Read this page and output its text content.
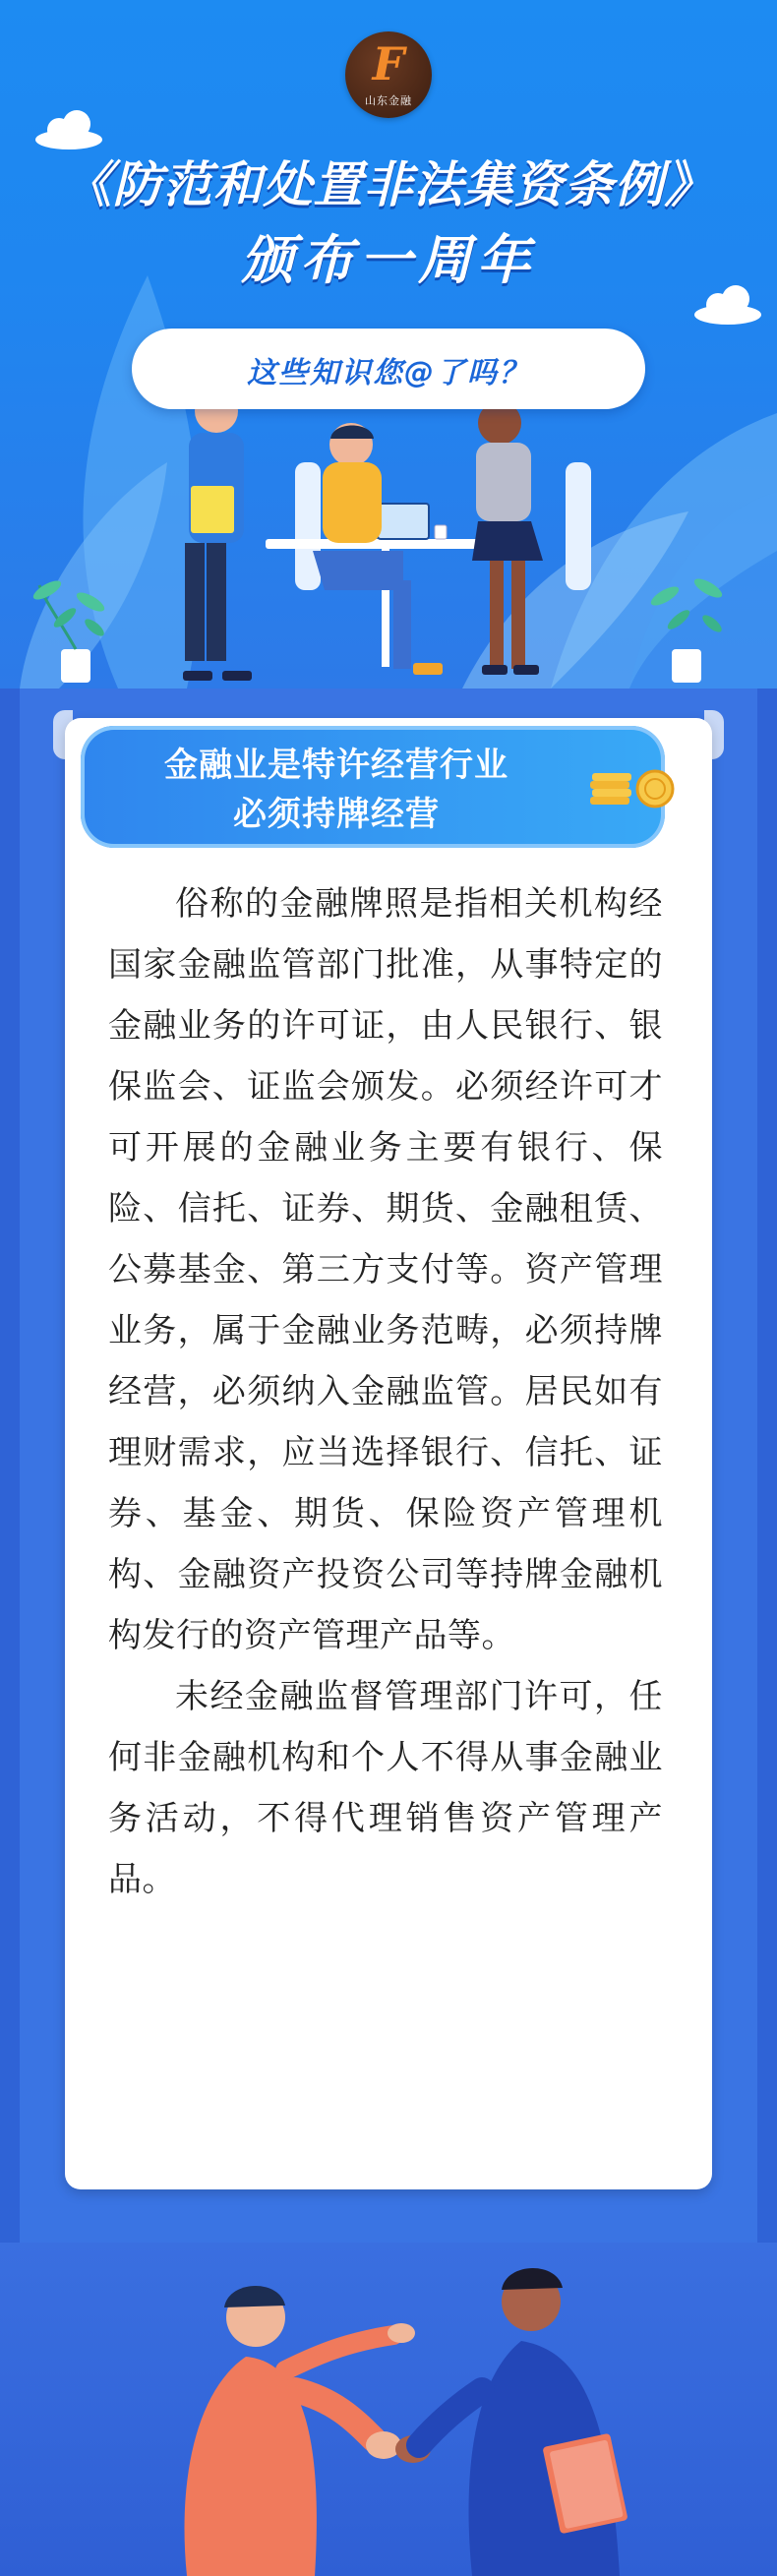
F
山东金融
《防范和处置非法集资条例》
颁布一周年
这些知识您@了吗？
金融业是特许经营行业
必须持牌经营

俗称的金融牌照是指相关机构经国家金融监管部门批准，从事特定的金融业务的许可证，由人民银行、银保监会、证监会颁发。必须经许可才可开展的金融业务主要有银行、保险、信托、证券、期货、金融租赁、公募基金、第三方支付等。资产管理业务，属于金融业务范畴，必须持牌经营，必须纳入金融监管。居民如有理财需求，应当选择银行、信托、证券、基金、期货、保险资产管理机构、金融资产投资公司等持牌金融机构发行的资产管理产品等。

未经金融监督管理部门许可，任何非金融机构和个人不得从事金融业务活动，不得代理销售资产管理产品。
